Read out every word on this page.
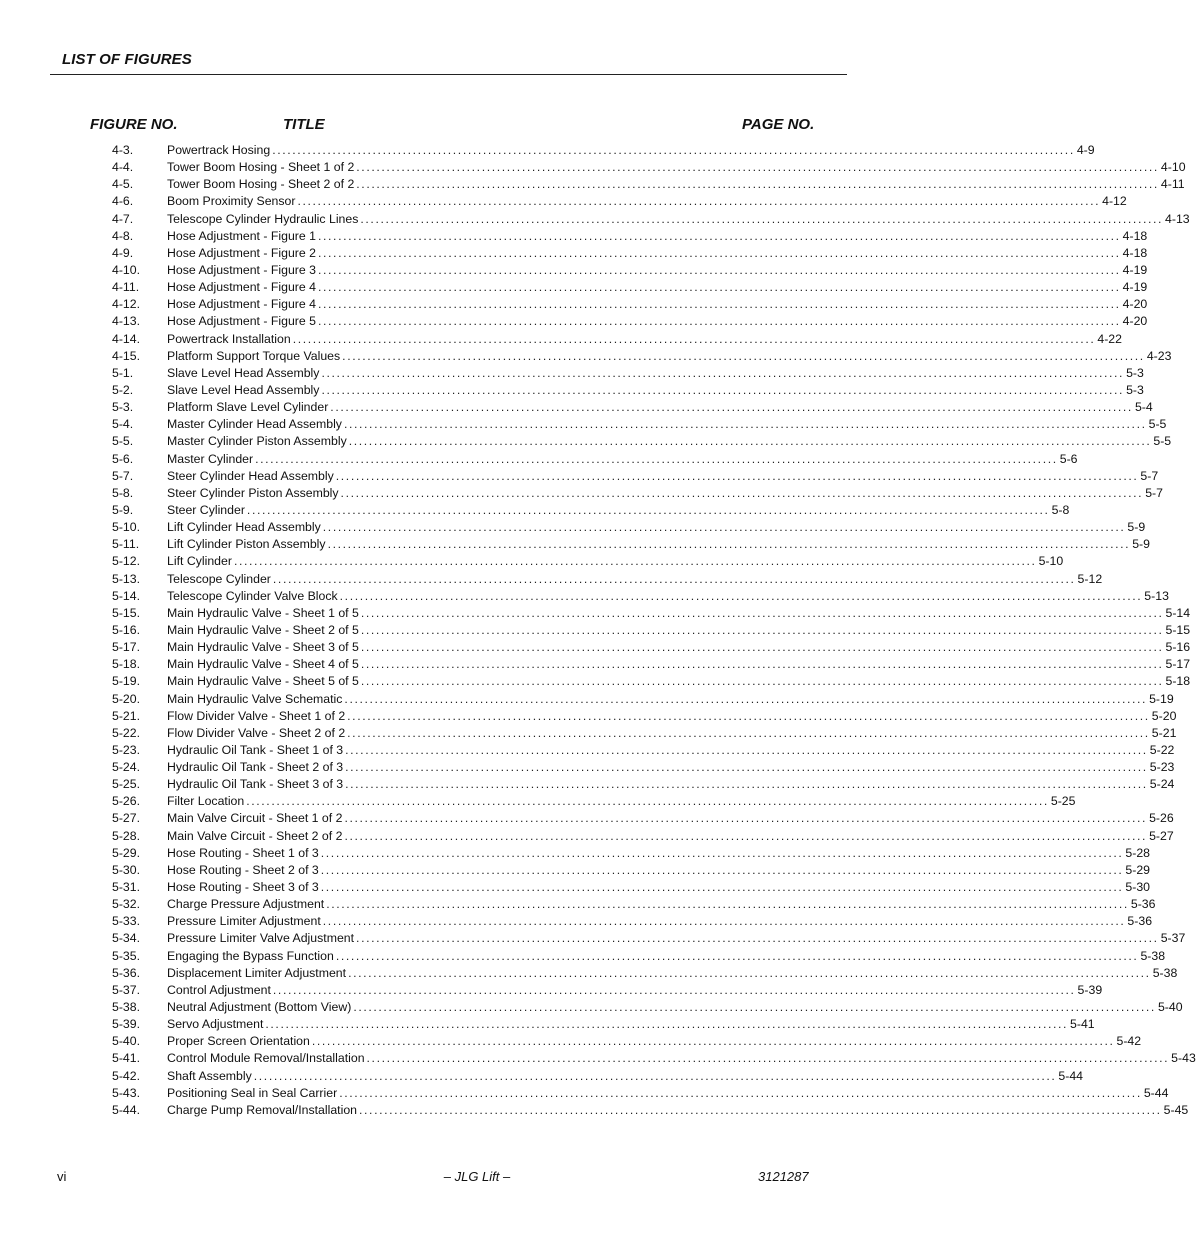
LIST OF FIGURES
FIGURE NO.	TITLE	PAGE NO.
4-3.	Powertrack Hosing ................................................................................................................................................................ 4-9
4-4.	Tower Boom Hosing - Sheet 1 of 2 ................................................................................................................................................................ 4-10
4-5.	Tower Boom Hosing - Sheet 2 of 2 ................................................................................................................................................................ 4-11
4-6.	Boom Proximity Sensor ................................................................................................................................................................ 4-12
4-7.	Telescope Cylinder Hydraulic Lines ................................................................................................................................................................ 4-13
4-8.	Hose Adjustment - Figure 1 ................................................................................................................................................................ 4-18
4-9.	Hose Adjustment - Figure 2 ................................................................................................................................................................ 4-18
4-10. Hose Adjustment - Figure 3 ................................................................................................................................................................ 4-19
4-11. Hose Adjustment - Figure 4 ................................................................................................................................................................ 4-19
4-12. Hose Adjustment - Figure 4 ................................................................................................................................................................ 4-20
4-13. Hose Adjustment - Figure 5 ................................................................................................................................................................ 4-20
4-14. Powertrack Installation ................................................................................................................................................................ 4-22
4-15. Platform Support Torque Values ................................................................................................................................................................ 4-23
5-1.	Slave Level Head Assembly ................................................................................................................................................................ 5-3
5-2.	Slave Level Head Assembly ................................................................................................................................................................ 5-3
5-3.	Platform Slave Level Cylinder ................................................................................................................................................................ 5-4
5-4.	Master Cylinder Head Assembly ................................................................................................................................................................ 5-5
5-5.	Master Cylinder Piston Assembly ................................................................................................................................................................ 5-5
5-6.	Master Cylinder ................................................................................................................................................................ 5-6
5-7.	Steer Cylinder Head Assembly ................................................................................................................................................................ 5-7
5-8.	Steer Cylinder Piston Assembly ................................................................................................................................................................ 5-7
5-9.	Steer Cylinder ................................................................................................................................................................ 5-8
5-10. Lift Cylinder Head Assembly ................................................................................................................................................................ 5-9
5-11. Lift Cylinder Piston Assembly ................................................................................................................................................................ 5-9
5-12. Lift Cylinder ................................................................................................................................................................ 5-10
5-13. Telescope Cylinder ................................................................................................................................................................ 5-12
5-14. Telescope Cylinder Valve Block ................................................................................................................................................................ 5-13
5-15. Main Hydraulic Valve - Sheet 1 of 5 ................................................................................................................................................................ 5-14
5-16. Main Hydraulic Valve - Sheet 2 of 5 ................................................................................................................................................................ 5-15
5-17. Main Hydraulic Valve - Sheet 3 of 5 ................................................................................................................................................................ 5-16
5-18. Main Hydraulic Valve - Sheet 4 of 5 ................................................................................................................................................................ 5-17
5-19. Main Hydraulic Valve - Sheet 5 of 5 ................................................................................................................................................................ 5-18
5-20. Main Hydraulic Valve Schematic ................................................................................................................................................................ 5-19
5-21. Flow Divider Valve - Sheet 1 of 2 ................................................................................................................................................................ 5-20
5-22. Flow Divider Valve - Sheet 2 of 2 ................................................................................................................................................................ 5-21
5-23. Hydraulic Oil Tank - Sheet 1 of 3 ................................................................................................................................................................ 5-22
5-24. Hydraulic Oil Tank - Sheet 2 of 3 ................................................................................................................................................................ 5-23
5-25. Hydraulic Oil Tank - Sheet 3 of 3 ................................................................................................................................................................ 5-24
5-26. Filter Location ................................................................................................................................................................ 5-25
5-27. Main Valve Circuit - Sheet 1 of 2 ................................................................................................................................................................ 5-26
5-28. Main Valve Circuit - Sheet 2 of 2 ................................................................................................................................................................ 5-27
5-29. Hose Routing - Sheet 1 of 3 ................................................................................................................................................................ 5-28
5-30. Hose Routing - Sheet 2 of 3 ................................................................................................................................................................ 5-29
5-31. Hose Routing - Sheet 3 of 3 ................................................................................................................................................................ 5-30
5-32. Charge Pressure Adjustment ................................................................................................................................................................ 5-36
5-33. Pressure Limiter Adjustment ................................................................................................................................................................ 5-36
5-34. Pressure Limiter Valve Adjustment ................................................................................................................................................................ 5-37
5-35. Engaging the Bypass Function ................................................................................................................................................................ 5-38
5-36. Displacement Limiter Adjustment ................................................................................................................................................................ 5-38
5-37. Control Adjustment ................................................................................................................................................................ 5-39
5-38. Neutral Adjustment (Bottom View) ................................................................................................................................................................ 5-40
5-39. Servo Adjustment ................................................................................................................................................................ 5-41
5-40. Proper Screen Orientation ................................................................................................................................................................ 5-42
5-41. Control Module Removal/Installation ................................................................................................................................................................ 5-43
5-42. Shaft Assembly ................................................................................................................................................................ 5-44
5-43. Positioning Seal in Seal Carrier ................................................................................................................................................................ 5-44
5-44. Charge Pump Removal/Installation ................................................................................................................................................................ 5-45
vi	– JLG Lift –	3121287
